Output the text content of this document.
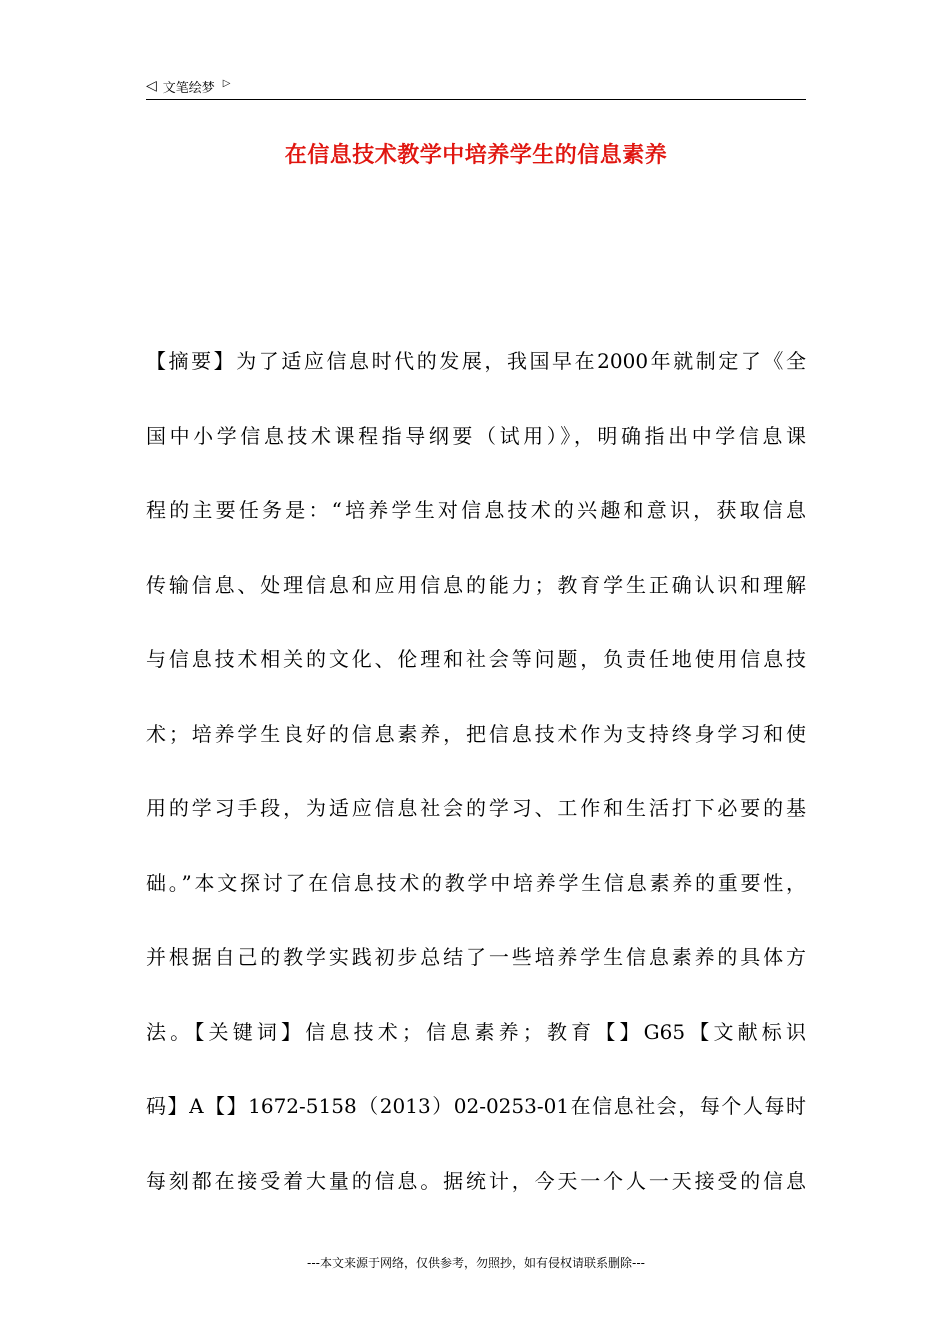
◁ 文笔绘梦 ▷
在信息技术教学中培养学生的信息素养
【摘要】为了适应信息时代的发展，我国早在2000年就制定了《全
国中小学信息技术课程指导纲要（试用）》，明确指出中学信息课
程的主要任务是：“培养学生对信息技术的兴趣和意识，获取信息
传输信息、处理信息和应用信息的能力；教育学生正确认识和理解
与信息技术相关的文化、伦理和社会等问题，负责任地使用信息技
术；培养学生良好的信息素养，把信息技术作为支持终身学习和使
用的学习手段，为适应信息社会的学习、工作和生活打下必要的基
础。”本文探讨了在信息技术的教学中培养学生信息素养的重要性，
并根据自己的教学实践初步总结了一些培养学生信息素养的具体方
法。【关键词】信息技术；信息素养；教育【】G65【文献标识
码】A【】1672-5158（2013）02-0253-01在信息社会，每个人每时
每刻都在接受着大量的信息。据统计，今天一个人一天接受的信息
---本文来源于网络，仅供参考，勿照抄，如有侵权请联系删除---
